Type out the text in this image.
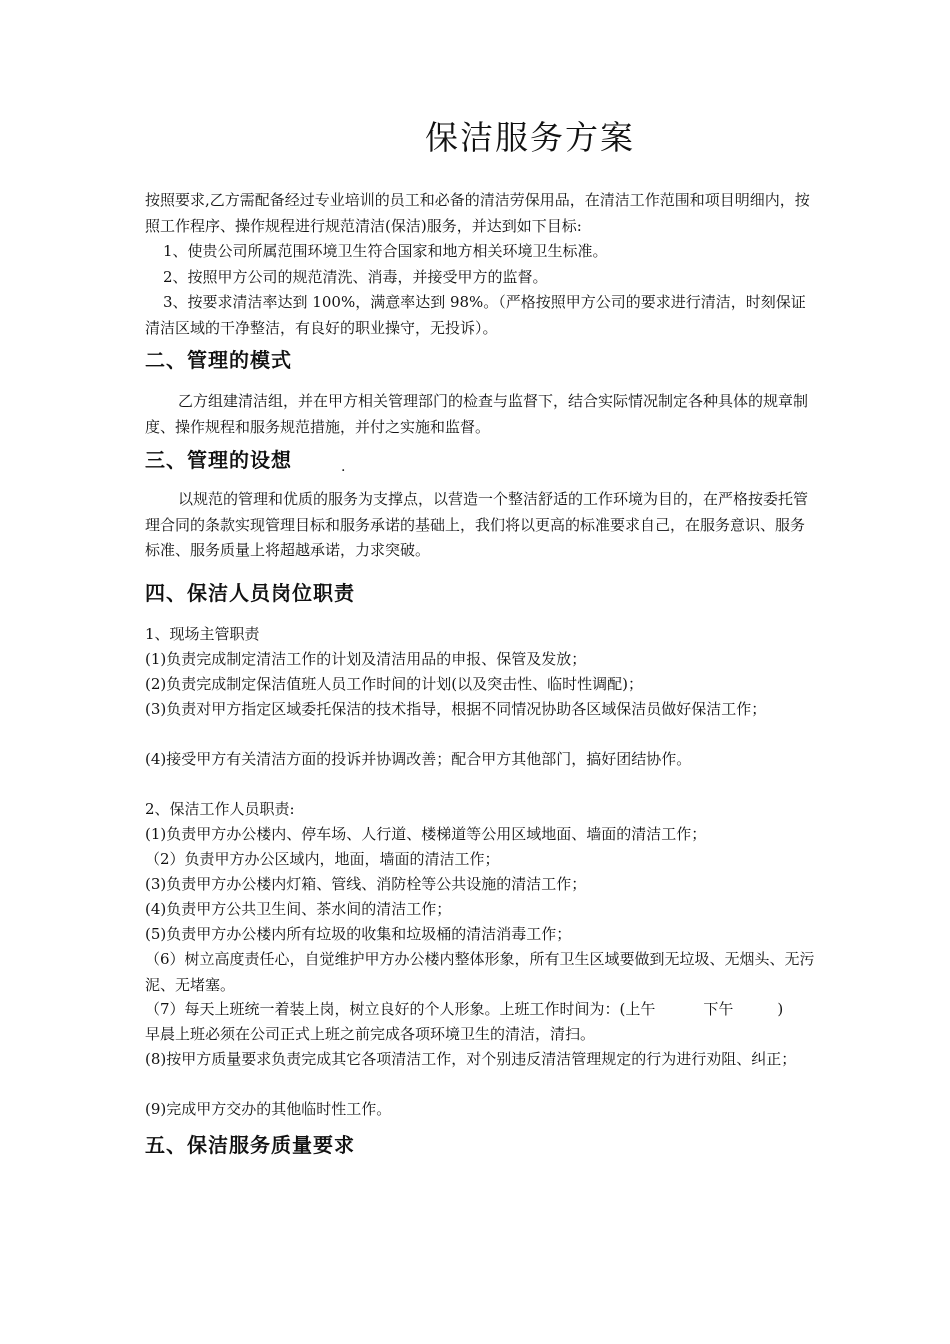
保洁服务方案

按照要求,乙方需配备经过专业培训的员工和必备的清洁劳保用品，在清洁工作范围和项目明细内，按照工作程序、操作规程进行规范清洁(保洁)服务，并达到如下目标:

1、使贵公司所属范围环境卫生符合国家和地方相关环境卫生标准。

2、按照甲方公司的规范清洗、消毒，并接受甲方的监督。

3、按要求清洁率达到 100%，满意率达到 98%。（严格按照甲方公司的要求进行清洁，时刻保证清洁区域的干净整洁，有良好的职业操守，无投诉）。

二、管理的模式

乙方组建清洁组，并在甲方相关管理部门的检查与监督下，结合实际情况制定各种具体的规章制度、操作规程和服务规范措施，并付之实施和监督。

三、管理的设想	.

以规范的管理和优质的服务为支撑点，以营造一个整洁舒适的工作环境为目的，在严格按委托管理合同的条款实现管理目标和服务承诺的基础上，我们将以更高的标准要求自己，在服务意识、服务标准、服务质量上将超越承诺，力求突破。

四、保洁人员岗位职责

1、现场主管职责

(1)负责完成制定清洁工作的计划及清洁用品的申报、保管及发放；

(2)负责完成制定保洁值班人员工作时间的计划(以及突击性、临时性调配)；

(3)负责对甲方指定区域委托保洁的技术指导，根据不同情况协助各区域保洁员做好保洁工作；

(4)接受甲方有关清洁方面的投诉并协调改善；配合甲方其他部门，搞好团结协作。

2、保洁工作人员职责:

(1)负责甲方办公楼内、停车场、人行道、楼梯道等公用区域地面、墙面的清洁工作；

（2）负责甲方办公区域内，地面，墙面的清洁工作；

(3)负责甲方办公楼内灯箱、管线、消防栓等公共设施的清洁工作；

(4)负责甲方公共卫生间、茶水间的清洁工作；

(5)负责甲方办公楼内所有垃圾的收集和垃圾桶的清洁消毒工作；

（6）树立高度责任心，自觉维护甲方办公楼内整体形象，所有卫生区域要做到无垃圾、无烟头、无污泥、无堵塞。

（7）每天上班统一着装上岗，树立良好的个人形象。上班工作时间为：(上午	下午	)

早晨上班必须在公司正式上班之前完成各项环境卫生的清洁，清扫。

(8)按甲方质量要求负责完成其它各项清洁工作，对个别违反清洁管理规定的行为进行劝阻、纠正；

(9)完成甲方交办的其他临时性工作。

五、保洁服务质量要求
